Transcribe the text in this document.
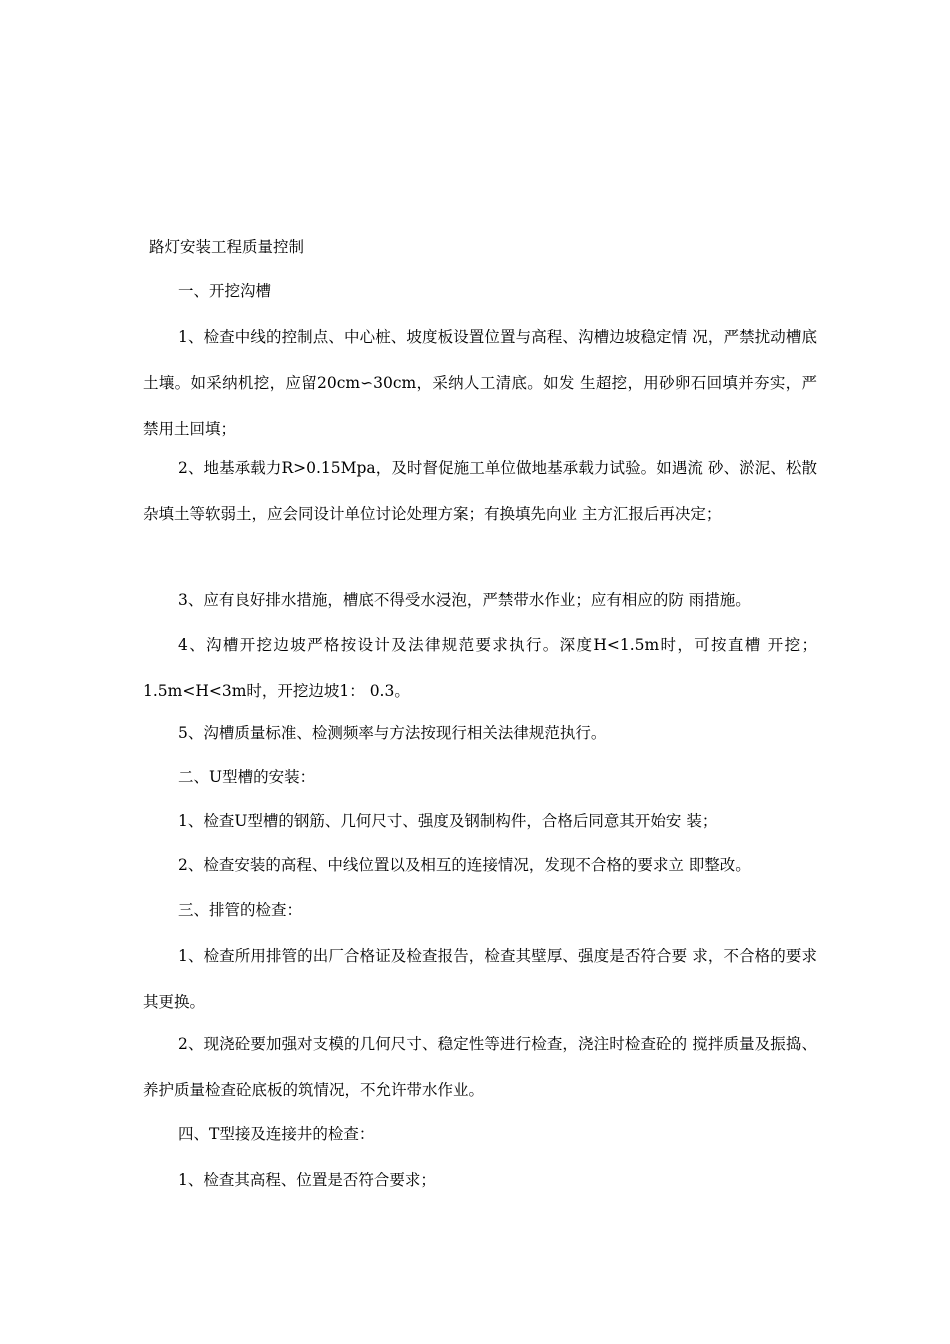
路灯安装工程质量控制

一、开挖沟槽

1、检查中线的控制点、中心桩、坡度板设置位置与高程、沟槽边坡稳定情 况，严禁扰动槽底土壤。如采纳机挖，应留20cm∽30cm，采纳人工清底。如发 生超挖，用砂卵石回填并夯实，严禁用土回填；

2、地基承载力R>0.15Mpa，及时督促施工单位做地基承载力试验。如遇流 砂、淤泥、松散杂填土等软弱土，应会同设计单位讨论处理方案；有换填先向业 主方汇报后再决定；

3、应有良好排水措施，槽底不得受水浸泡，严禁带水作业；应有相应的防 雨措施。

4、沟槽开挖边坡严格按设计及法律规范要求执行。深度H<1.5m时，可按直槽 开挖；1.5m<H<3m时，开挖边坡1： 0.3。

5、沟槽质量标准、检测频率与方法按现行相关法律规范执行。

二、U型槽的安装：

1、检查U型槽的钢筋、几何尺寸、强度及钢制构件，合格后同意其开始安 装；

2、检查安装的高程、中线位置以及相互的连接情况，发现不合格的要求立 即整改。

三、排管的检查：

1、检查所用排管的出厂合格证及检查报告，检查其壁厚、强度是否符合要 求，不合格的要求其更换。

2、现浇砼要加强对支模的几何尺寸、稳定性等进行检查，浇注时检查砼的 搅拌质量及振捣、养护质量检查砼底板的筑情况，不允许带水作业。

四、T型接及连接井的检查：

1、检查其高程、位置是否符合要求；
